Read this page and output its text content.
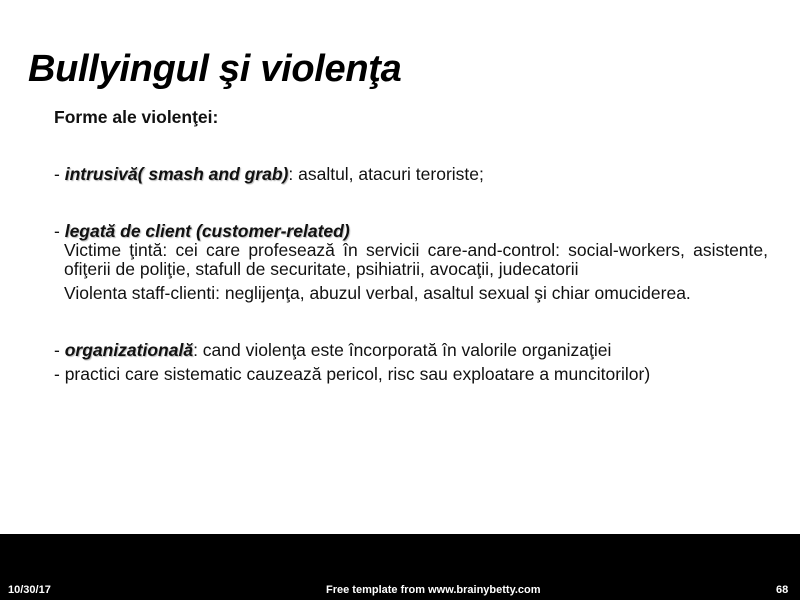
Bullyingul şi violenţa

Forme ale violenţei:

- intrusivă( smash and grab): asaltul, atacuri teroriste;

- legată de client (customer-related)

Victime ţintă: cei care profesează în servicii care-and-control: social-workers, asistente, ofiţerii de poliţie, stafull de securitate, psihiatrii, avocaţii, judecatorii

Violenta staff-clienti: neglijenţa, abuzul verbal, asaltul sexual şi chiar omuciderea.

- organizatională: cand violenţa este încorporată în valorile organizaţiei

- practici care sistematic cauzează pericol, risc sau exploatare a muncitorilor)

10/30/17	Free template from www.brainybetty.com	68
